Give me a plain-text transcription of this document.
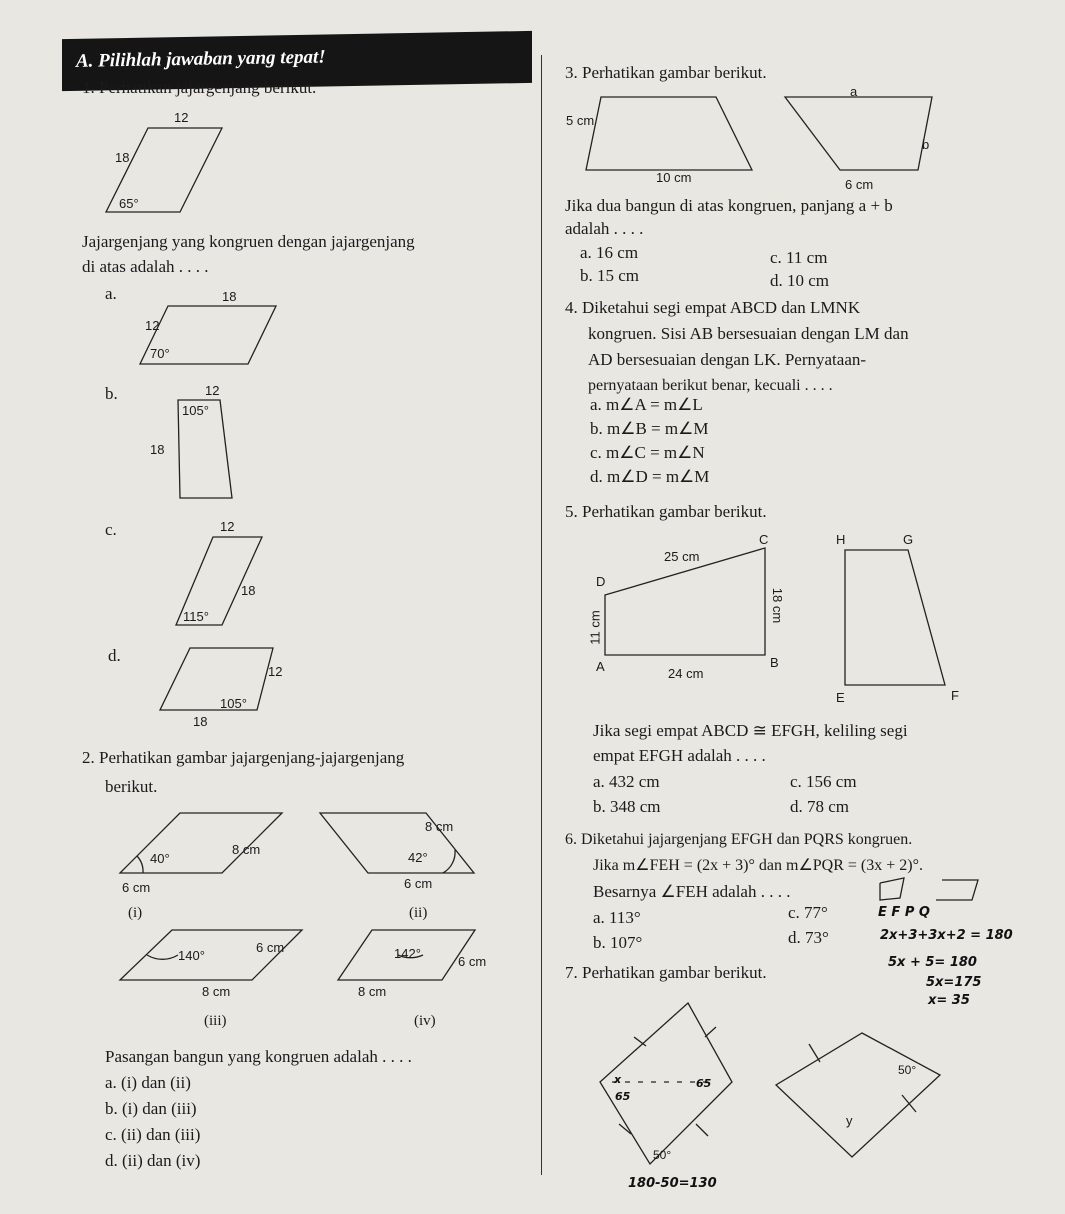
A. Pilihlah jawaban yang tepat!
1. Perhatikan jajargenjang berikut.
12
18
65°
Jajargenjang yang kongruen dengan jajargenjang
di atas adalah . . . .
a.	18
12
70°
b.	12
18
105°
c.	12
18
115°
d.
12
18
105°
2. Perhatikan gambar jajargenjang-jajargenjang
berikut.
40°
8 cm
6 cm
(i)
8 cm
42°
6 cm
(ii)
140°
6 cm
8 cm
(iii)
142°
6 cm
8 cm
(iv)
Pasangan bangun yang kongruen adalah . . . .
a. (i) dan (ii)
b. (i) dan (iii)
c. (ii) dan (iii)
d. (ii) dan (iv)
3. Perhatikan gambar berikut.
5 cm
10 cm
a
b
6 cm
Jika dua bangun di atas kongruen, panjang a + b
adalah . . . .
a. 16 cm
b. 15 cm
c. 11 cm
d. 10 cm
4. Diketahui segi empat ABCD dan LMNK
kongruen. Sisi AB bersesuaian dengan LM dan
AD bersesuaian dengan LK. Pernyataan-
pernyataan berikut benar, kecuali . . . .
a. m∠A = m∠L
b. m∠B = m∠M
c. m∠C = m∠N
d. m∠D = m∠M
5. Perhatikan gambar berikut.
C
D
A	B
25 cm
11 cm
18 cm
24 cm
H	G
E	F
Jika segi empat ABCD ≅ EFGH, keliling segi
empat EFGH adalah . . . .
a. 432 cm
b. 348 cm
c. 156 cm
d. 78 cm
6. Diketahui jajargenjang EFGH dan PQRS kongruen.
Jika m∠FEH = (2x + 3)° dan m∠PQR = (3x + 2)°.
Besarnya ∠FEH adalah . . . .
a. 113°
b. 107°
c. 77°
d. 73°
E F P Q
2x+3+3x+2 = 180
5x + 5= 180
5x=175
x= 35
7. Perhatikan gambar berikut.
x
65
65
50°
50°
y
180-50=130
